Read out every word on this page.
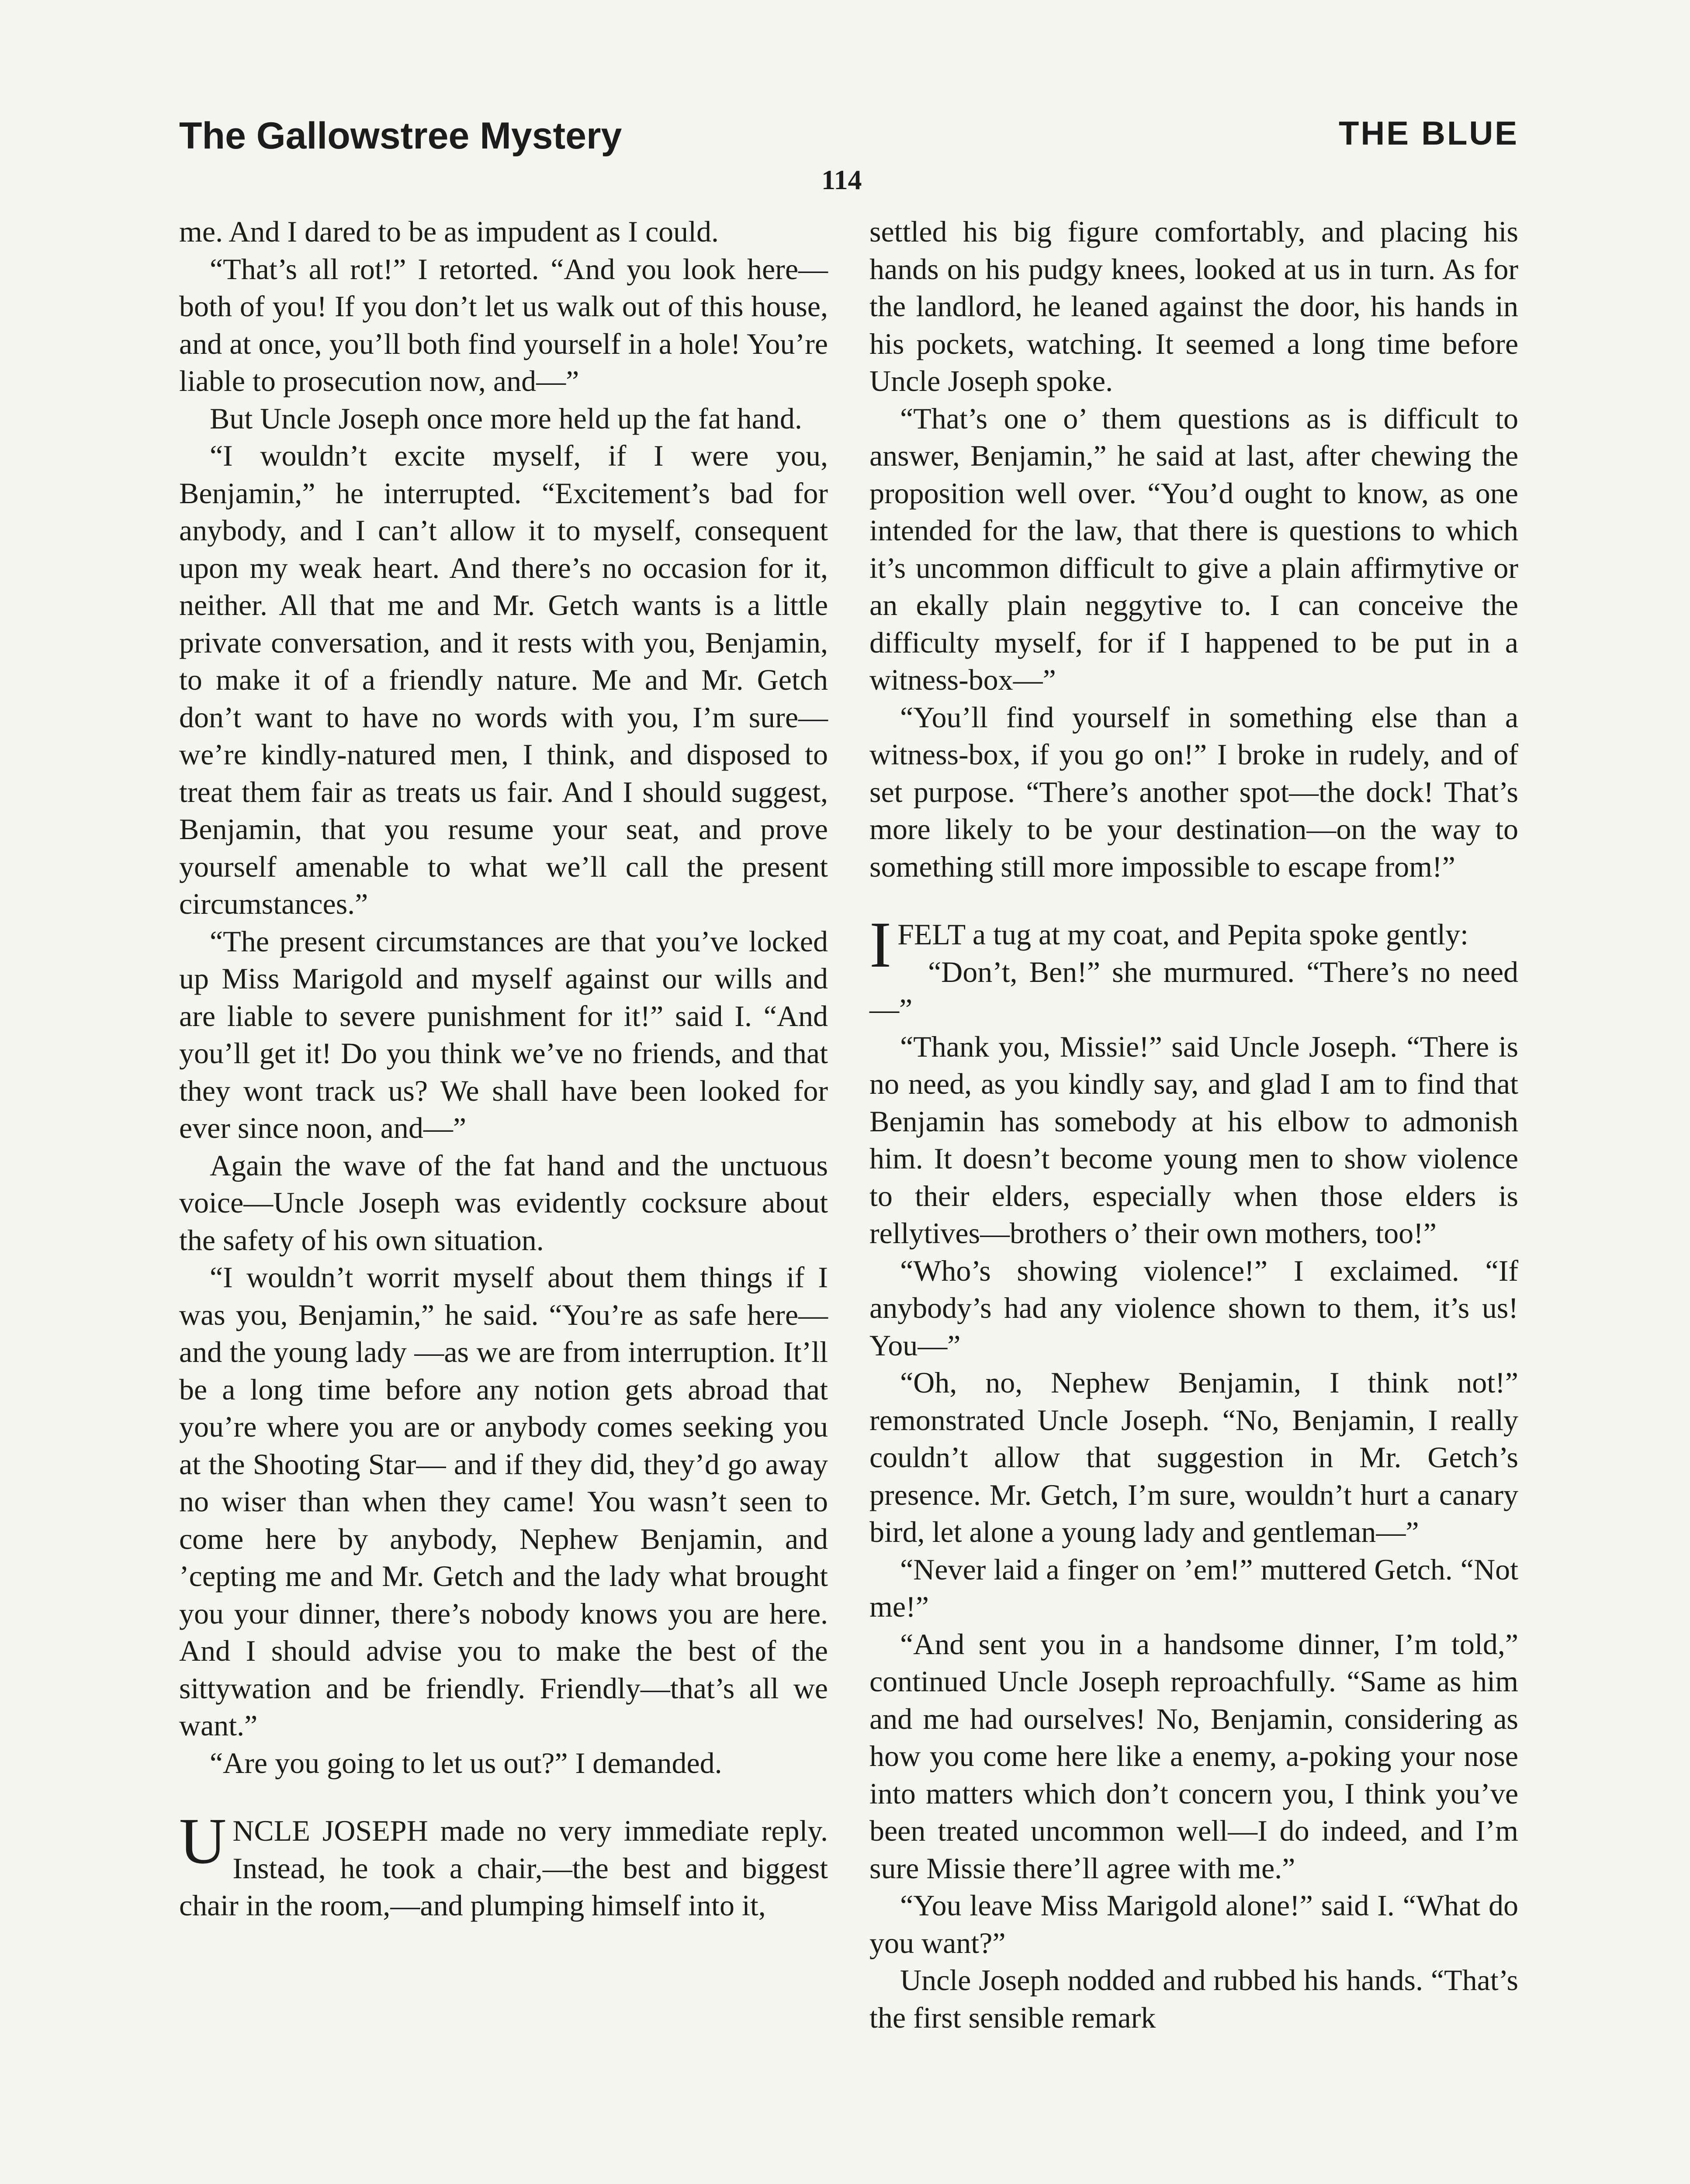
The Gallowstree Mystery	THE BLUE
114

me. And I dared to be as impudent as I could.

“That’s all rot!” I retorted. “And you look here—both of you! If you don’t let us walk out of this house, and at once, you’ll both find yourself in a hole! You’re liable to prosecution now, and—”

But Uncle Joseph once more held up the fat hand.

“I wouldn’t excite myself, if I were you, Benjamin,” he interrupted. “Excitement’s bad for anybody, and I can’t allow it to myself, consequent upon my weak heart. And there’s no occasion for it, neither. All that me and Mr. Getch wants is a little private conversation, and it rests with you, Benjamin, to make it of a friendly nature. Me and Mr. Getch don’t want to have no words with you, I’m sure—we’re kindly-natured men, I think, and disposed to treat them fair as treats us fair. And I should suggest, Benjamin, that you resume your seat, and prove yourself amenable to what we’ll call the present circumstances.”

“The present circumstances are that you’ve locked up Miss Marigold and myself against our wills and are liable to severe punishment for it!” said I. “And you’ll get it! Do you think we’ve no friends, and that they wont track us? We shall have been looked for ever since noon, and—”

Again the wave of the fat hand and the unctuous voice—Uncle Joseph was evidently cocksure about the safety of his own situation.

“I wouldn’t worrit myself about them things if I was you, Benjamin,” he said. “You’re as safe here—and the young lady —as we are from interruption. It’ll be a long time before any notion gets abroad that you’re where you are or anybody comes seeking you at the Shooting Star— and if they did, they’d go away no wiser than when they came! You wasn’t seen to come here by anybody, Nephew Benjamin, and ’cepting me and Mr. Getch and the lady what brought you your dinner, there’s nobody knows you are here. And I should advise you to make the best of the sittywation and be friendly. Friendly—that’s all we want.”

“Are you going to let us out?” I demanded.

UNCLE JOSEPH made no very immediate reply. Instead, he took a chair,—the best and biggest chair in the room,—and plumping himself into it,

settled his big figure comfortably, and placing his hands on his pudgy knees, looked at us in turn. As for the landlord, he leaned against the door, his hands in his pockets, watching. It seemed a long time before Uncle Joseph spoke.

“That’s one o’ them questions as is difficult to answer, Benjamin,” he said at last, after chewing the proposition well over. “You’d ought to know, as one intended for the law, that there is questions to which it’s uncommon difficult to give a plain affirmytive or an ekally plain neggytive to. I can conceive the difficulty myself, for if I happened to be put in a witness-box—”

“You’ll find yourself in something else than a witness-box, if you go on!” I broke in rudely, and of set purpose. “There’s another spot—the dock! That’s more likely to be your destination—on the way to something still more impossible to escape from!”

IFELT a tug at my coat, and Pepita spoke gently:

“Don’t, Ben!” she murmured. “There’s no need—”

“Thank you, Missie!” said Uncle Joseph. “There is no need, as you kindly say, and glad I am to find that Benjamin has somebody at his elbow to admonish him. It doesn’t become young men to show violence to their elders, especially when those elders is rellytives—brothers o’ their own mothers, too!”

“Who’s showing violence!” I exclaimed. “If anybody’s had any violence shown to them, it’s us! You—”

“Oh, no, Nephew Benjamin, I think not!” remonstrated Uncle Joseph. “No, Benjamin, I really couldn’t allow that suggestion in Mr. Getch’s presence. Mr. Getch, I’m sure, wouldn’t hurt a canary bird, let alone a young lady and gentleman—”

“Never laid a finger on ’em!” muttered Getch. “Not me!”

“And sent you in a handsome dinner, I’m told,” continued Uncle Joseph reproachfully. “Same as him and me had ourselves! No, Benjamin, considering as how you come here like a enemy, a-poking your nose into matters which don’t concern you, I think you’ve been treated uncommon well—I do indeed, and I’m sure Missie there’ll agree with me.”

“You leave Miss Marigold alone!” said I. “What do you want?”

Uncle Joseph nodded and rubbed his hands. “That’s the first sensible remark
